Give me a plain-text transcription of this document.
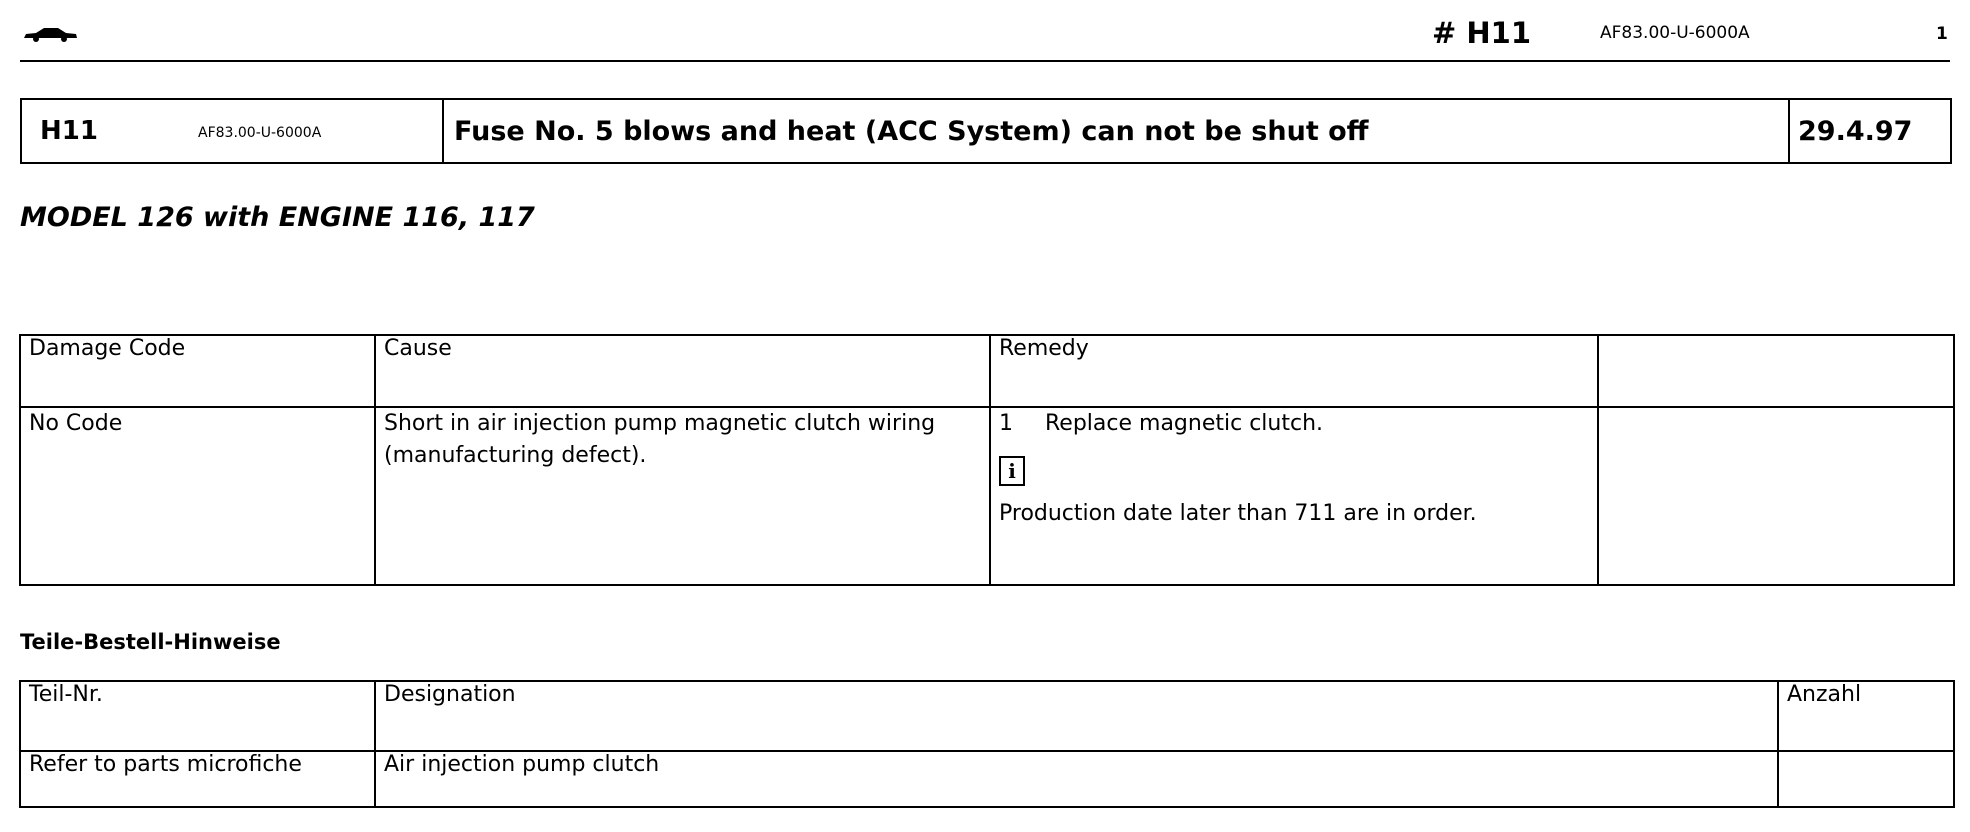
# H11	AF83.00-U-6000A	1
H11	AF83.00-U-6000A	Fuse No. 5 blows and heat (ACC System) can not be shut off	29.4.97
MODEL 126 with ENGINE 116, 117
Damage Code	Cause	Remedy	
No Code	Short in air injection pump magnetic clutch wiring (manufacturing defect).	1 Replace magnetic clutch.
i
Production date later than 711 are in order.	

Teile-Bestell-Hinweise
Teil-Nr.	Designation	Anzahl
Refer to parts microfiche	Air injection pump clutch	
